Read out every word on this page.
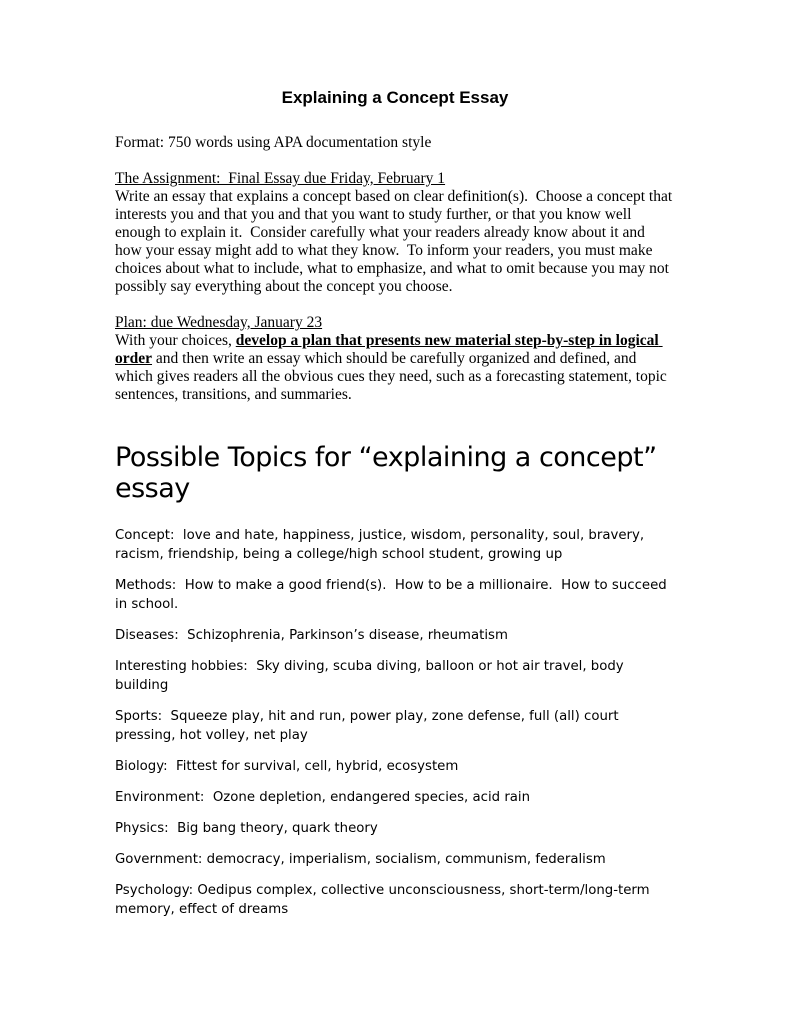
Explaining a Concept Essay

Format: 750 words using APA documentation style

The Assignment:  Final Essay due Friday, February 1

Write an essay that explains a concept based on clear definition(s).  Choose a concept that interests you and that you and that you want to study further, or that you know well enough to explain it.  Consider carefully what your readers already know about it and how your essay might add to what they know.  To inform your readers, you must make choices about what to include, what to emphasize, and what to omit because you may not possibly say everything about the concept you choose.

Plan: due Wednesday, January 23

With your choices, develop a plan that presents new material step-by-step in logical order and then write an essay which should be carefully organized and defined, and which gives readers all the obvious cues they need, such as a forecasting statement, topic sentences, transitions, and summaries.

Possible Topics for “explaining a concept” essay

Concept:  love and hate, happiness, justice, wisdom, personality, soul, bravery, racism, friendship, being a college/high school student, growing up

Methods:  How to make a good friend(s).  How to be a millionaire.  How to succeed in school.

Diseases:  Schizophrenia, Parkinson’s disease, rheumatism

Interesting hobbies:  Sky diving, scuba diving, balloon or hot air travel, body building

Sports:  Squeeze play, hit and run, power play, zone defense, full (all) court pressing, hot volley, net play

Biology:  Fittest for survival, cell, hybrid, ecosystem

Environment:  Ozone depletion, endangered species, acid rain

Physics:  Big bang theory, quark theory

Government: democracy, imperialism, socialism, communism, federalism

Psychology: Oedipus complex, collective unconsciousness, short-term/long-term memory, effect of dreams
